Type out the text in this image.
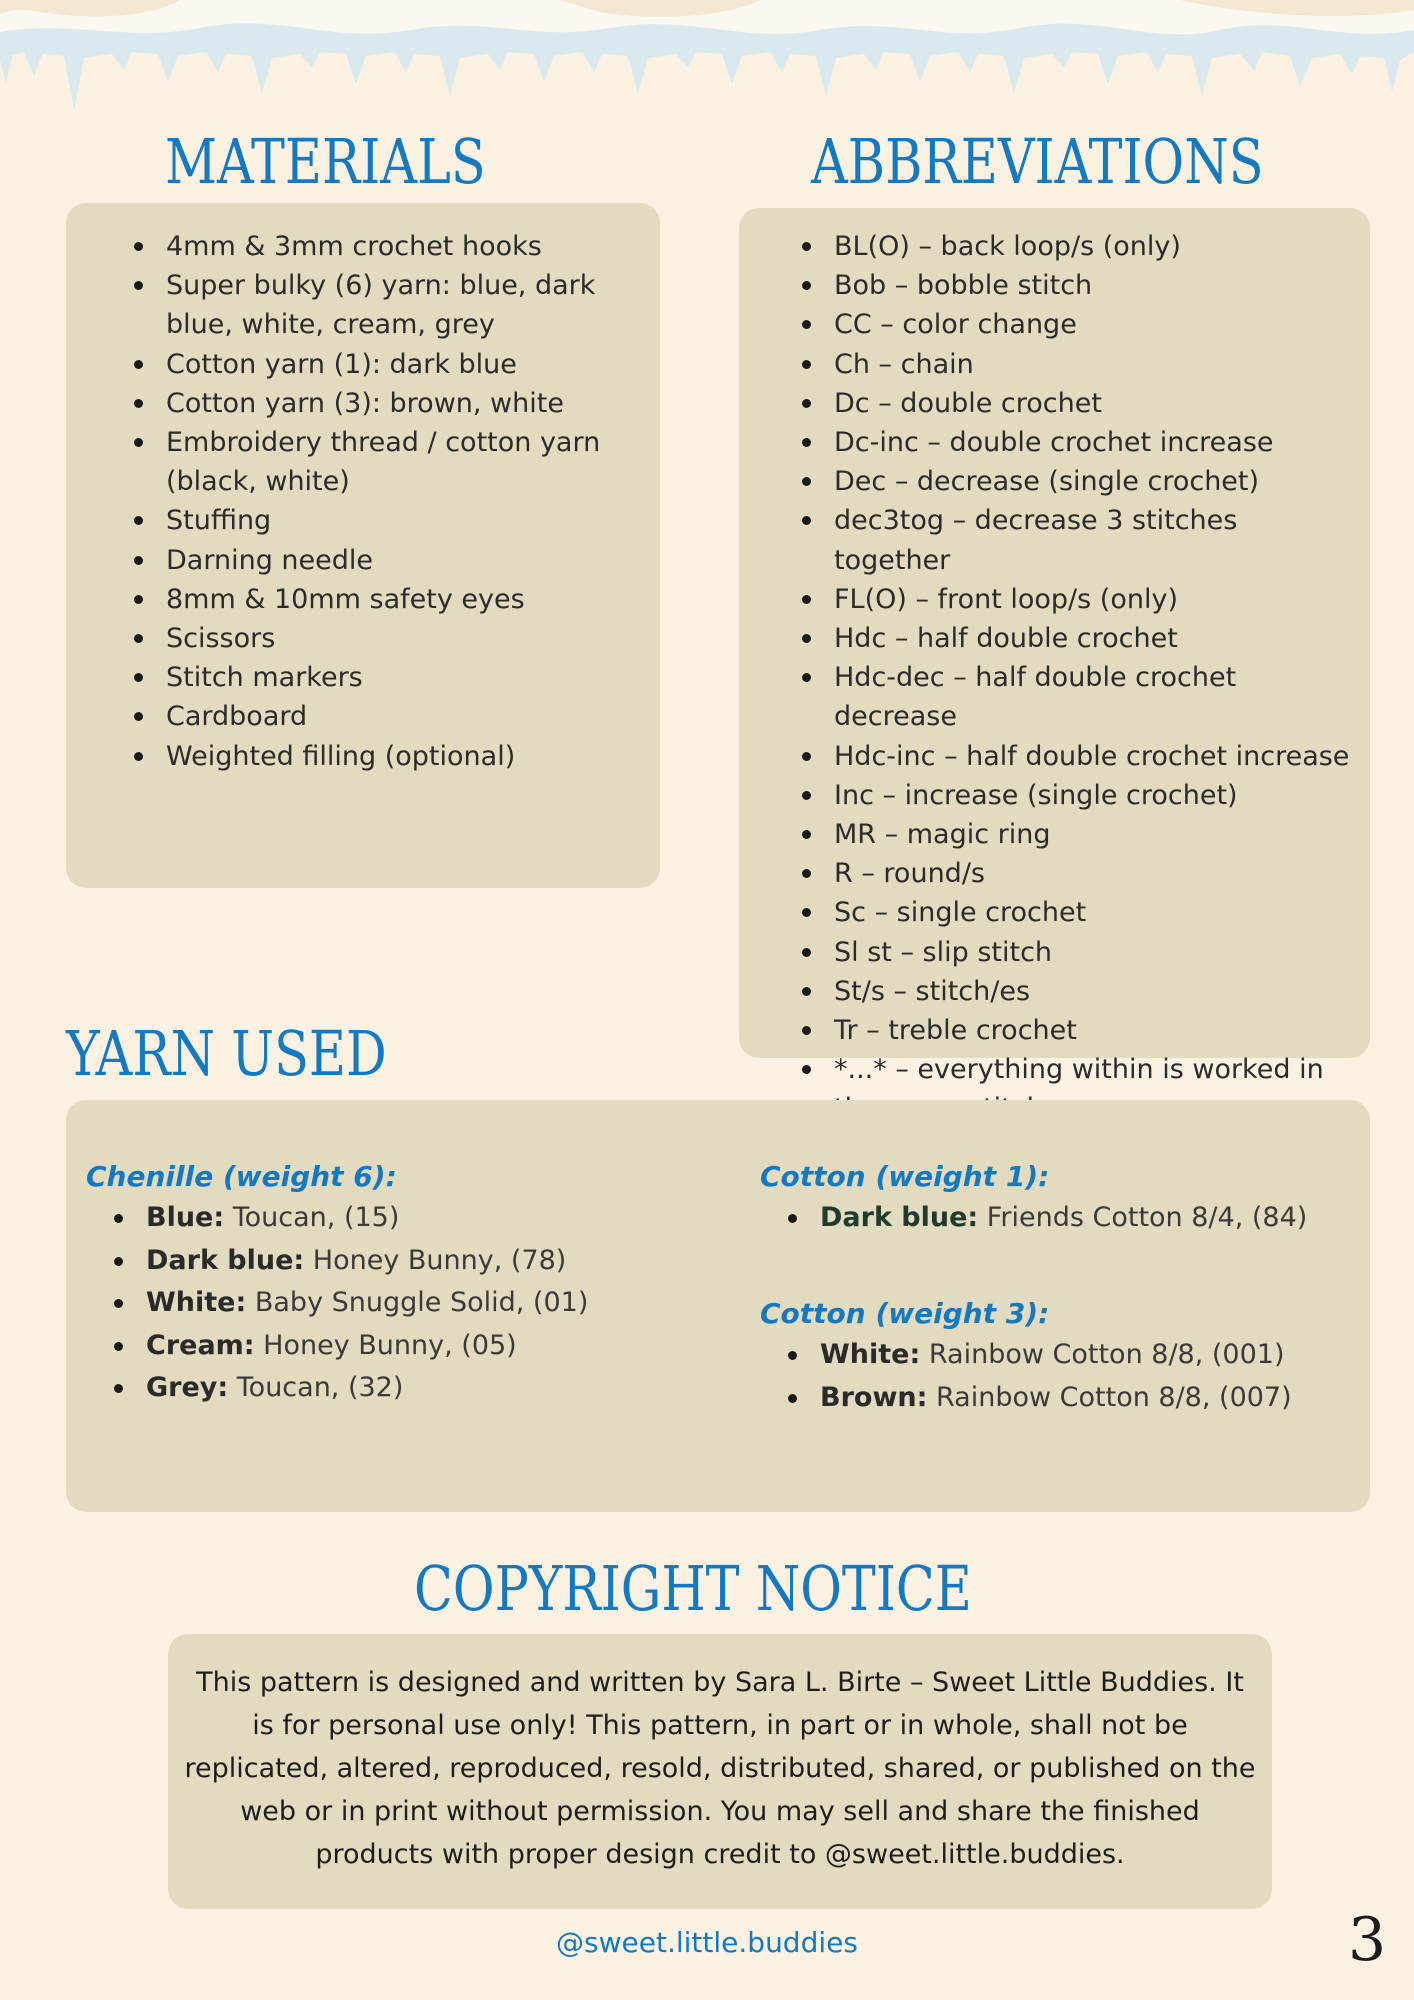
MATERIALS
4mm & 3mm crochet hooks
Super bulky (6) yarn: blue, dark blue, white, cream, grey
Cotton yarn (1): dark blue
Cotton yarn (3): brown, white
Embroidery thread / cotton yarn (black, white)
Stuffing
Darning needle
8mm & 10mm safety eyes
Scissors
Stitch markers
Cardboard
Weighted filling (optional)
ABBREVIATIONS
BL(O) – back loop/s (only)
Bob – bobble stitch
CC – color change
Ch – chain
Dc – double crochet
Dc-inc – double crochet increase
Dec – decrease (single crochet)
dec3tog – decrease 3 stitches together
FL(O) – front loop/s (only)
Hdc – half double crochet
Hdc-dec – half double crochet decrease
Hdc-inc – half double crochet increase
Inc – increase (single crochet)
MR – magic ring
R – round/s
Sc – single crochet
Sl st – slip stitch
St/s – stitch/es
Tr – treble crochet
*...* – everything within is worked in
YARN USED
Chenille (weight 6):
Blue: Toucan, (15)
Dark blue: Honey Bunny, (78)
White: Baby Snuggle Solid, (01)
Cream: Honey Bunny, (05)
Grey: Toucan, (32)
Cotton (weight 1):
Dark blue: Friends Cotton 8/4, (84)
Cotton (weight 3):
White: Rainbow Cotton 8/8, (001)
Brown: Rainbow Cotton 8/8, (007)
COPYRIGHT NOTICE

This pattern is designed and written by Sara L. Birte – Sweet Little Buddies. It is for personal use only! This pattern, in part or in whole, shall not be replicated, altered, reproduced, resold, distributed, shared, or published on the web or in print without permission. You may sell and share the finished products with proper design credit to @sweet.little.buddies.

@sweet.little.buddies	3
